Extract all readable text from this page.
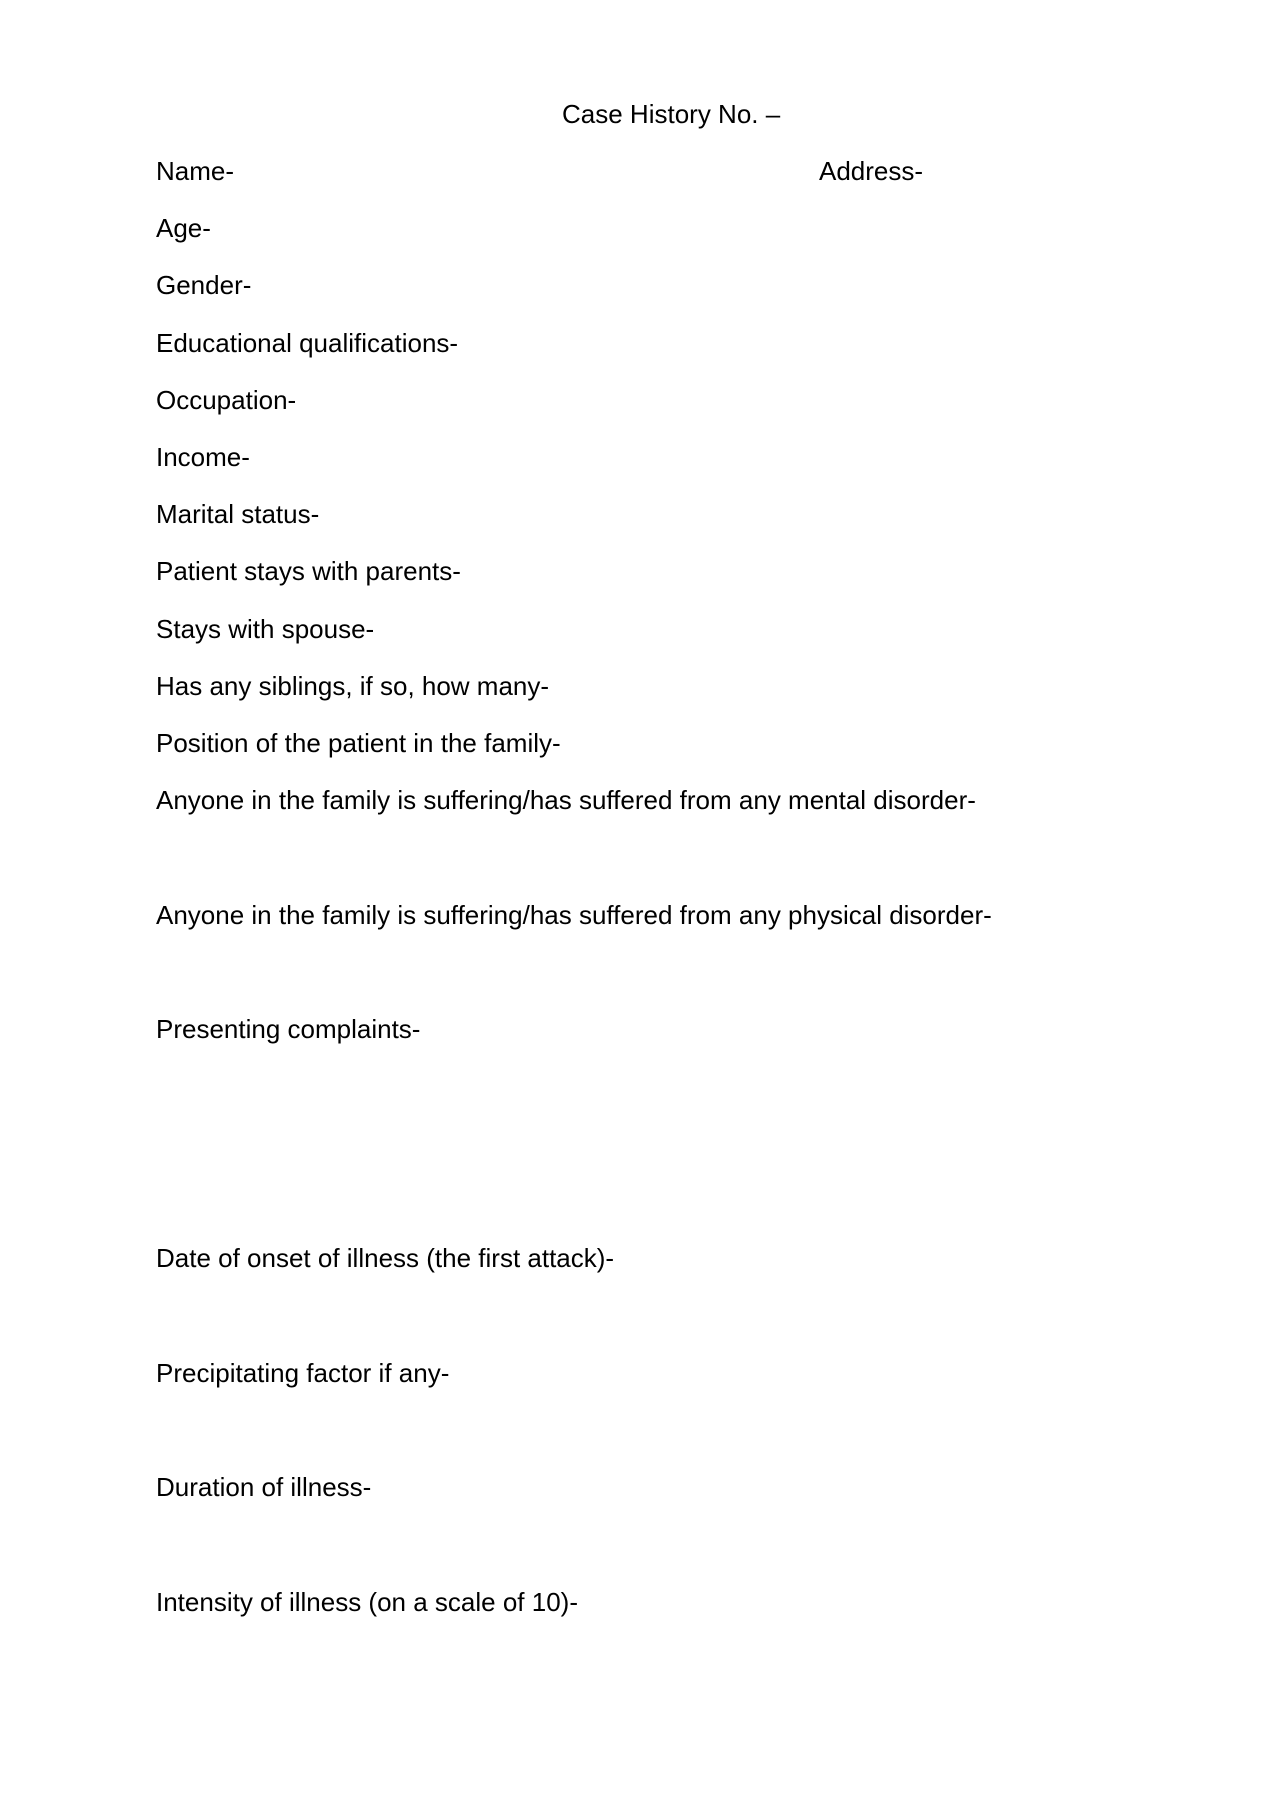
Case History No. –
Name-	Address-
Age-
Gender-
Educational qualifications-
Occupation-
Income-
Marital status-
Patient stays with parents-
Stays with spouse-
Has any siblings, if so, how many-
Position of the patient in the family-
Anyone in the family is suffering/has suffered from any mental disorder-
Anyone in the family is suffering/has suffered from any physical disorder-
Presenting complaints-
Date of onset of illness (the first attack)-
Precipitating factor if any-
Duration of illness-
Intensity of illness (on a scale of 10)-
